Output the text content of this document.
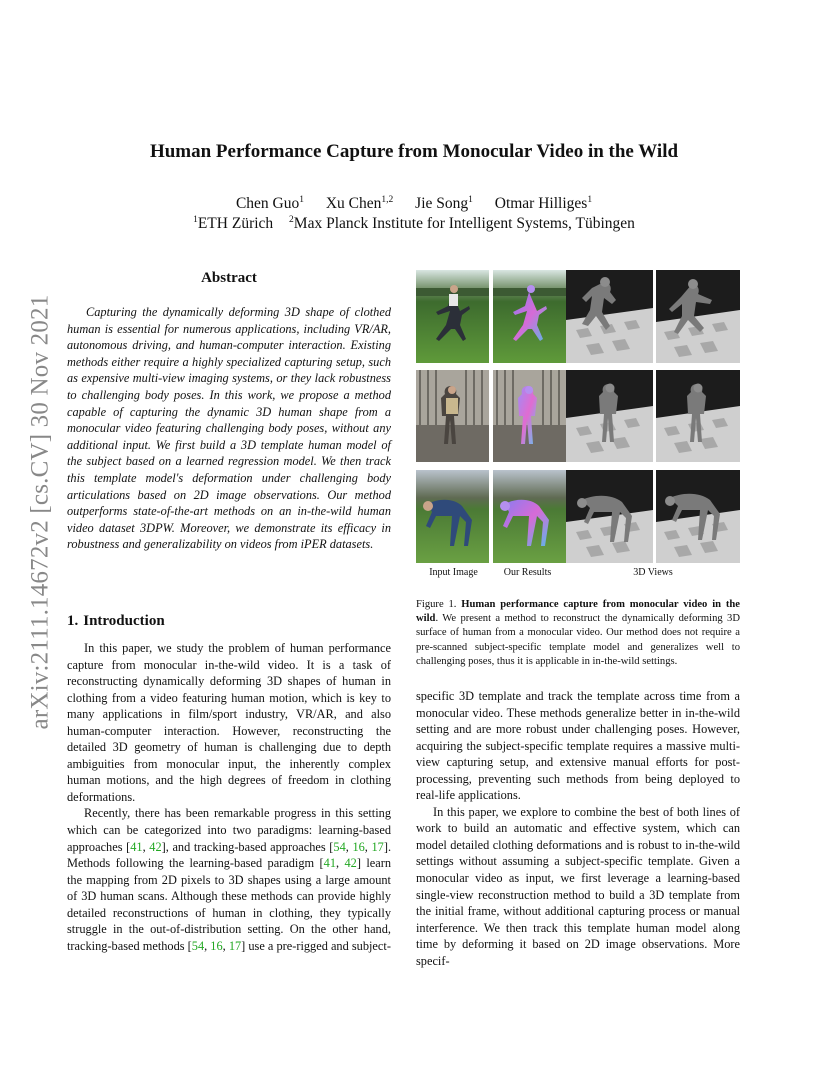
arXiv:2111.14672v2 [cs.CV] 30 Nov 2021
Human Performance Capture from Monocular Video in the Wild
Chen Guo$^1$ Xu Chen$^{1,2}$ Jie Song$^1$ Otmar Hilliges$^1$
$^1$ETH Zürich $^2$Max Planck Institute for Intelligent Systems, Tübingen
Abstract

Capturing the dynamically deforming 3D shape of clothed human is essential for numerous applications, including VR/AR, autonomous driving, and human-computer interaction. Existing methods either require a highly specialized capturing setup, such as expensive multi-view imaging systems, or they lack robustness to challenging body poses. In this work, we propose a method capable of capturing the dynamic 3D human shape from a monocular video featuring challenging body poses, without any additional input. We first build a 3D template human model of the subject based on a learned regression model. We then track this template model's deformation under challenging body articulations based on 2D image observations. Our method outperforms state-of-the-art methods on an in-the-wild human video dataset 3DPW. Moreover, we demonstrate its efficacy in robustness and generalizability on videos from iPER datasets.

1. Introduction

In this paper, we study the problem of human performance capture from monocular in-the-wild video. It is a task of reconstructing dynamically deforming 3D shapes of human in clothing from a video featuring human motion, which is key to many applications in film/sport industry, VR/AR, and also human-computer interaction. However, reconstructing the detailed 3D geometry of human is challenging due to depth ambiguities from monocular input, the inherently complex human motions, and the high degrees of freedom in clothing deformations.

Recently, there has been remarkable progress in this setting which can be categorized into two paradigms: learning-based approaches [41, 42], and tracking-based approaches [54, 16, 17]. Methods following the learning-based paradigm [41, 42] learn the mapping from 2D pixels to 3D shapes using a large amount of 3D human scans. Although these methods can provide highly detailed reconstructions of human in clothing, they typically struggle in the out-of-distribution setting. On the other hand, tracking-based methods [54, 16, 17] use a pre-rigged and subject-

Input Image	Our Results	3D Views
Figure 1. Human performance capture from monocular video in the wild. We present a method to reconstruct the dynamically deforming 3D surface of human from a monocular video. Our method does not require a pre-scanned subject-specific template model and generalizes well to challenging poses, thus it is applicable in in-the-wild settings.

specific 3D template and track the template across time from a monocular video. These methods generalize better in in-the-wild setting and are more robust under challenging poses. However, acquiring the subject-specific template requires a massive multi-view capturing setup, and extensive manual efforts for post-processing, preventing such methods from being deployed to real-life applications.

In this paper, we explore to combine the best of both lines of work to build an automatic and effective system, which can model detailed clothing deformations and is robust to in-the-wild settings without assuming a subject-specific template. Given a monocular video as input, we first leverage a learning-based single-view reconstruction method to build a 3D template from the initial frame, without additional capturing process or manual interference. We then track this template human model along time by deforming it based on 2D image observations. More specif-
